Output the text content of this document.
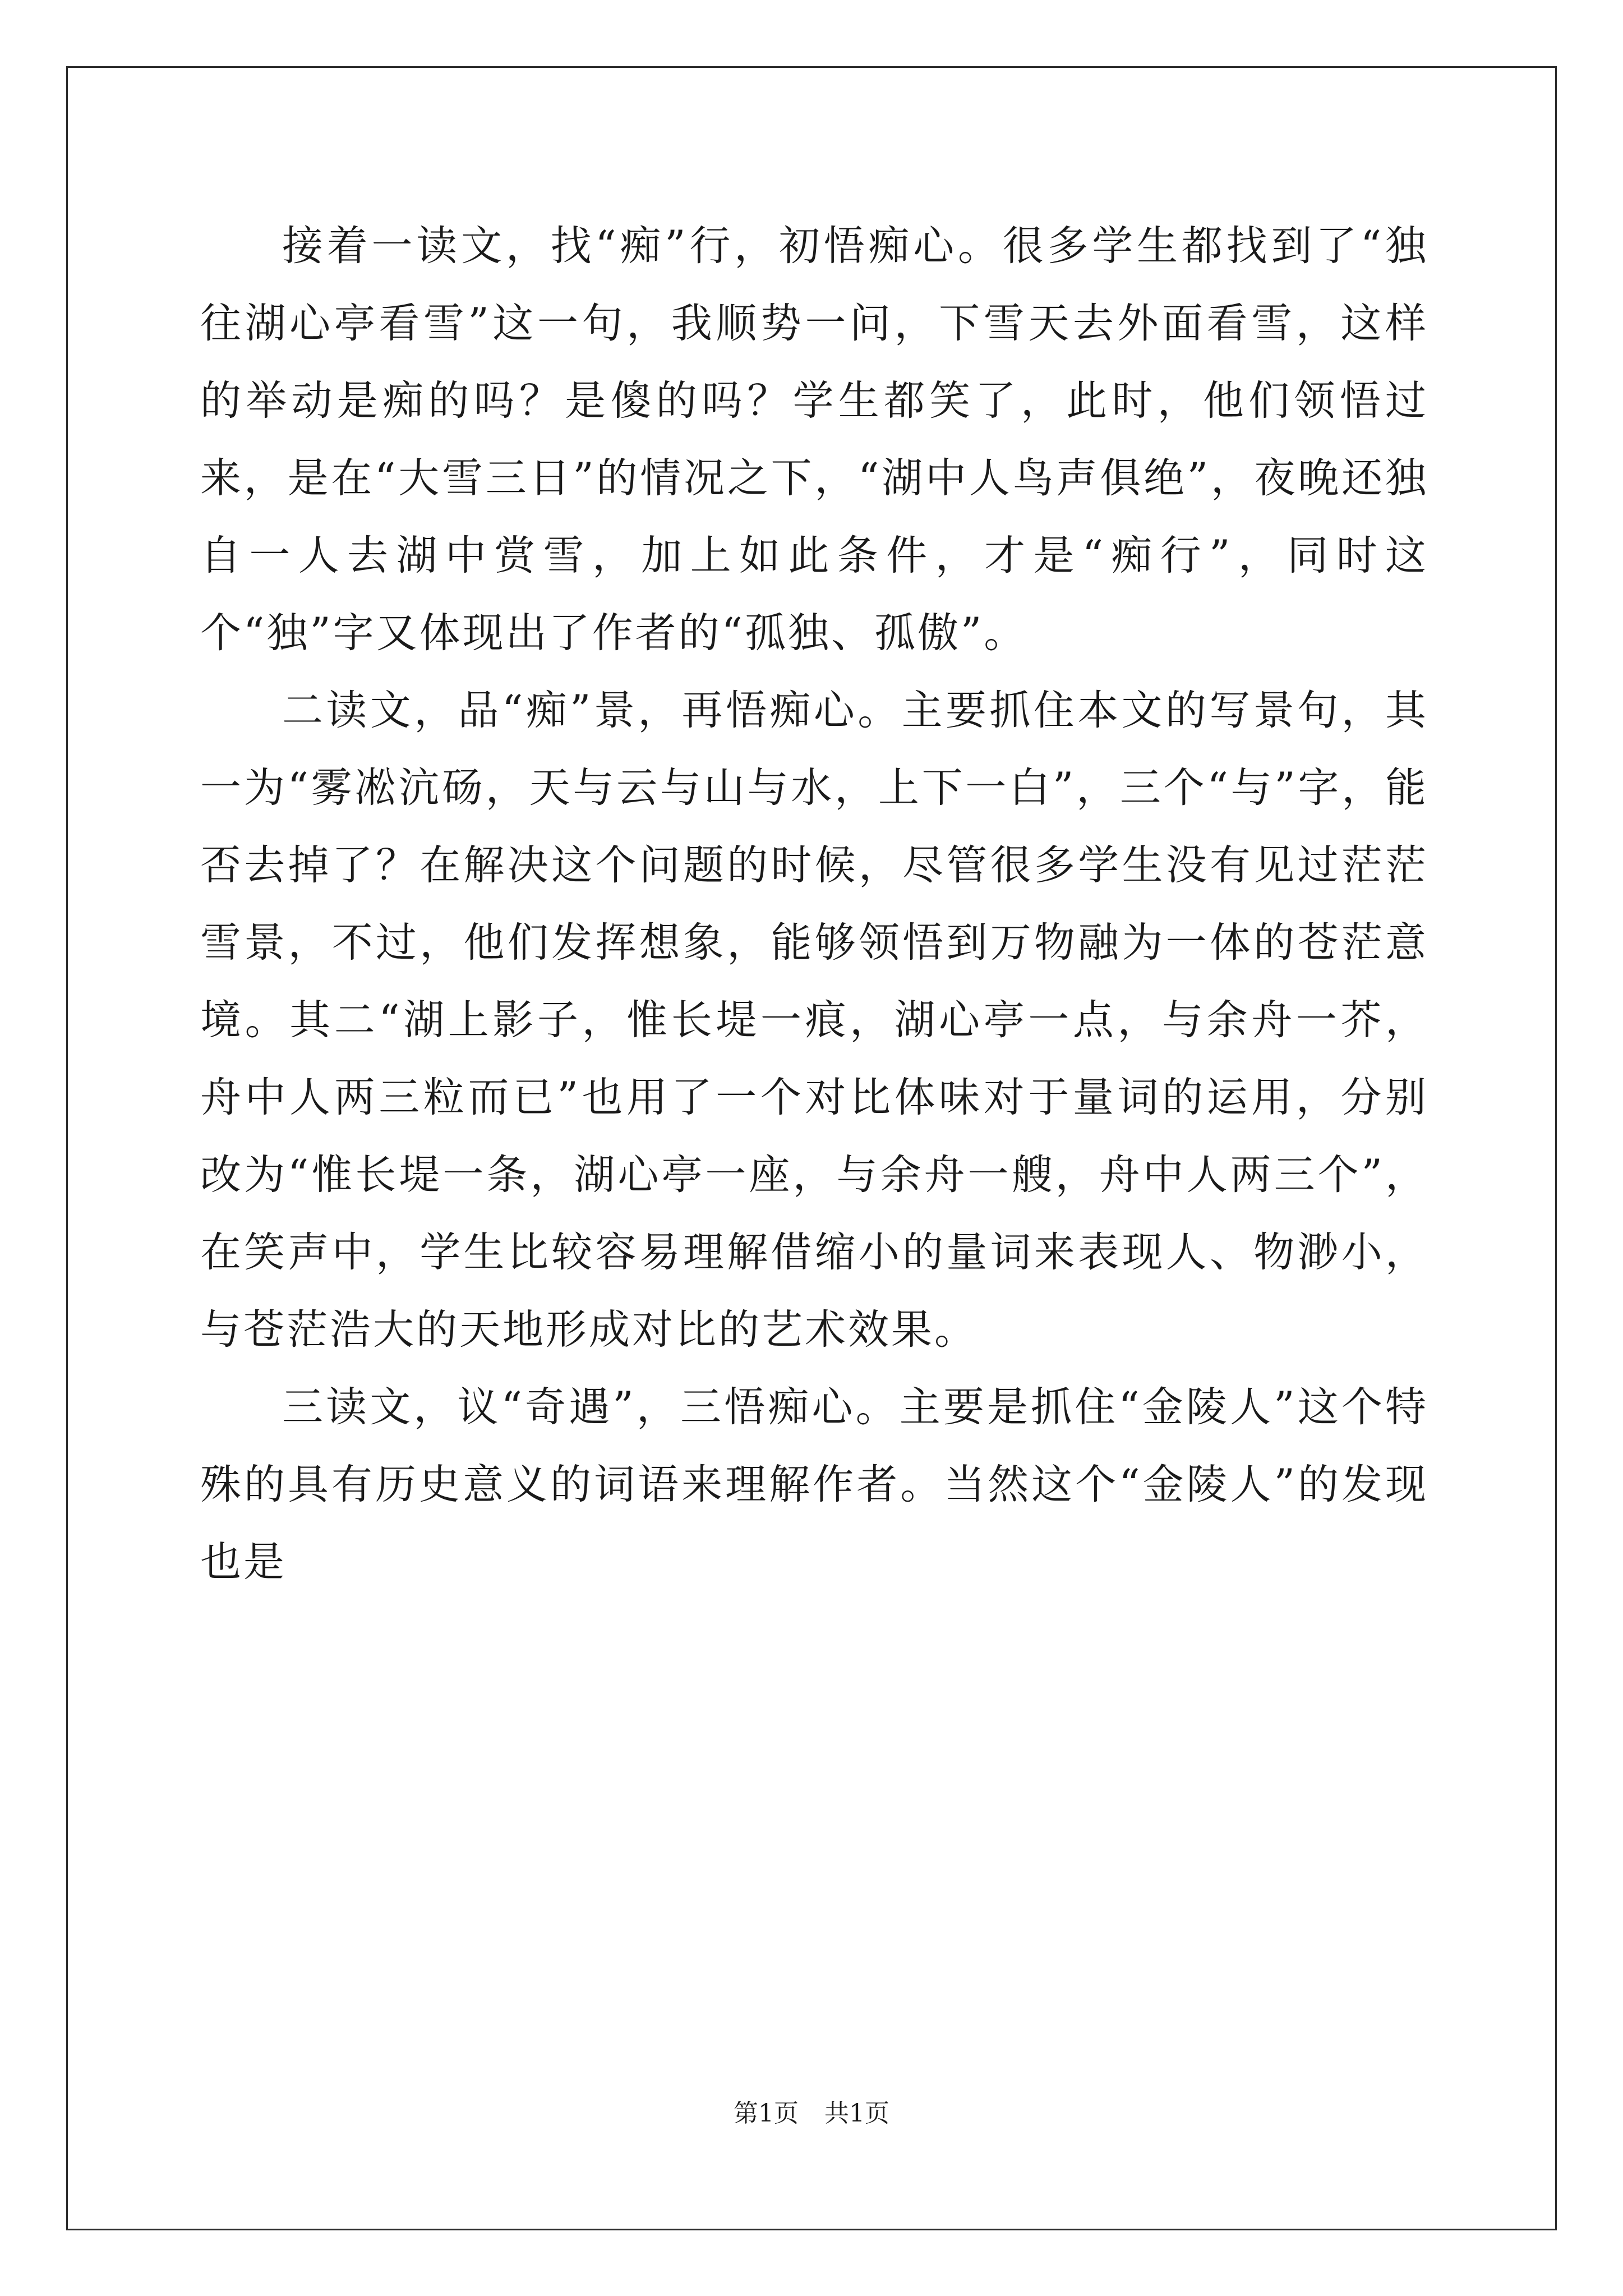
接着一读文，找“痴”行，初悟痴心。很多学生都找到了“独往湖心亭看雪”这一句，我顺势一问，下雪天去外面看雪，这样的举动是痴的吗？是傻的吗？学生都笑了，此时，他们领悟过来，是在“大雪三日”的情况之下，“湖中人鸟声俱绝”，夜晚还独自一人去湖中赏雪，加上如此条件，才是“痴行”，同时这个“独”字又体现出了作者的“孤独、孤傲”。

二读文，品“痴”景，再悟痴心。主要抓住本文的写景句，其一为“雾凇沆砀，天与云与山与水，上下一白”，三个“与”字，能否去掉了？在解决这个问题的时候，尽管很多学生没有见过茫茫雪景，不过，他们发挥想象，能够领悟到万物融为一体的苍茫意境。其二“湖上影子，惟长堤一痕，湖心亭一点，与余舟一芥，舟中人两三粒而已”也用了一个对比体味对于量词的运用，分别改为“惟长堤一条，湖心亭一座，与余舟一艘，舟中人两三个”，在笑声中，学生比较容易理解借缩小的量词来表现人、物渺小，与苍茫浩大的天地形成对比的艺术效果。

三读文，议“奇遇”，三悟痴心。主要是抓住“金陵人”这个特殊的具有历史意义的词语来理解作者。当然这个“金陵人”的发现也是

第1页 共1页
